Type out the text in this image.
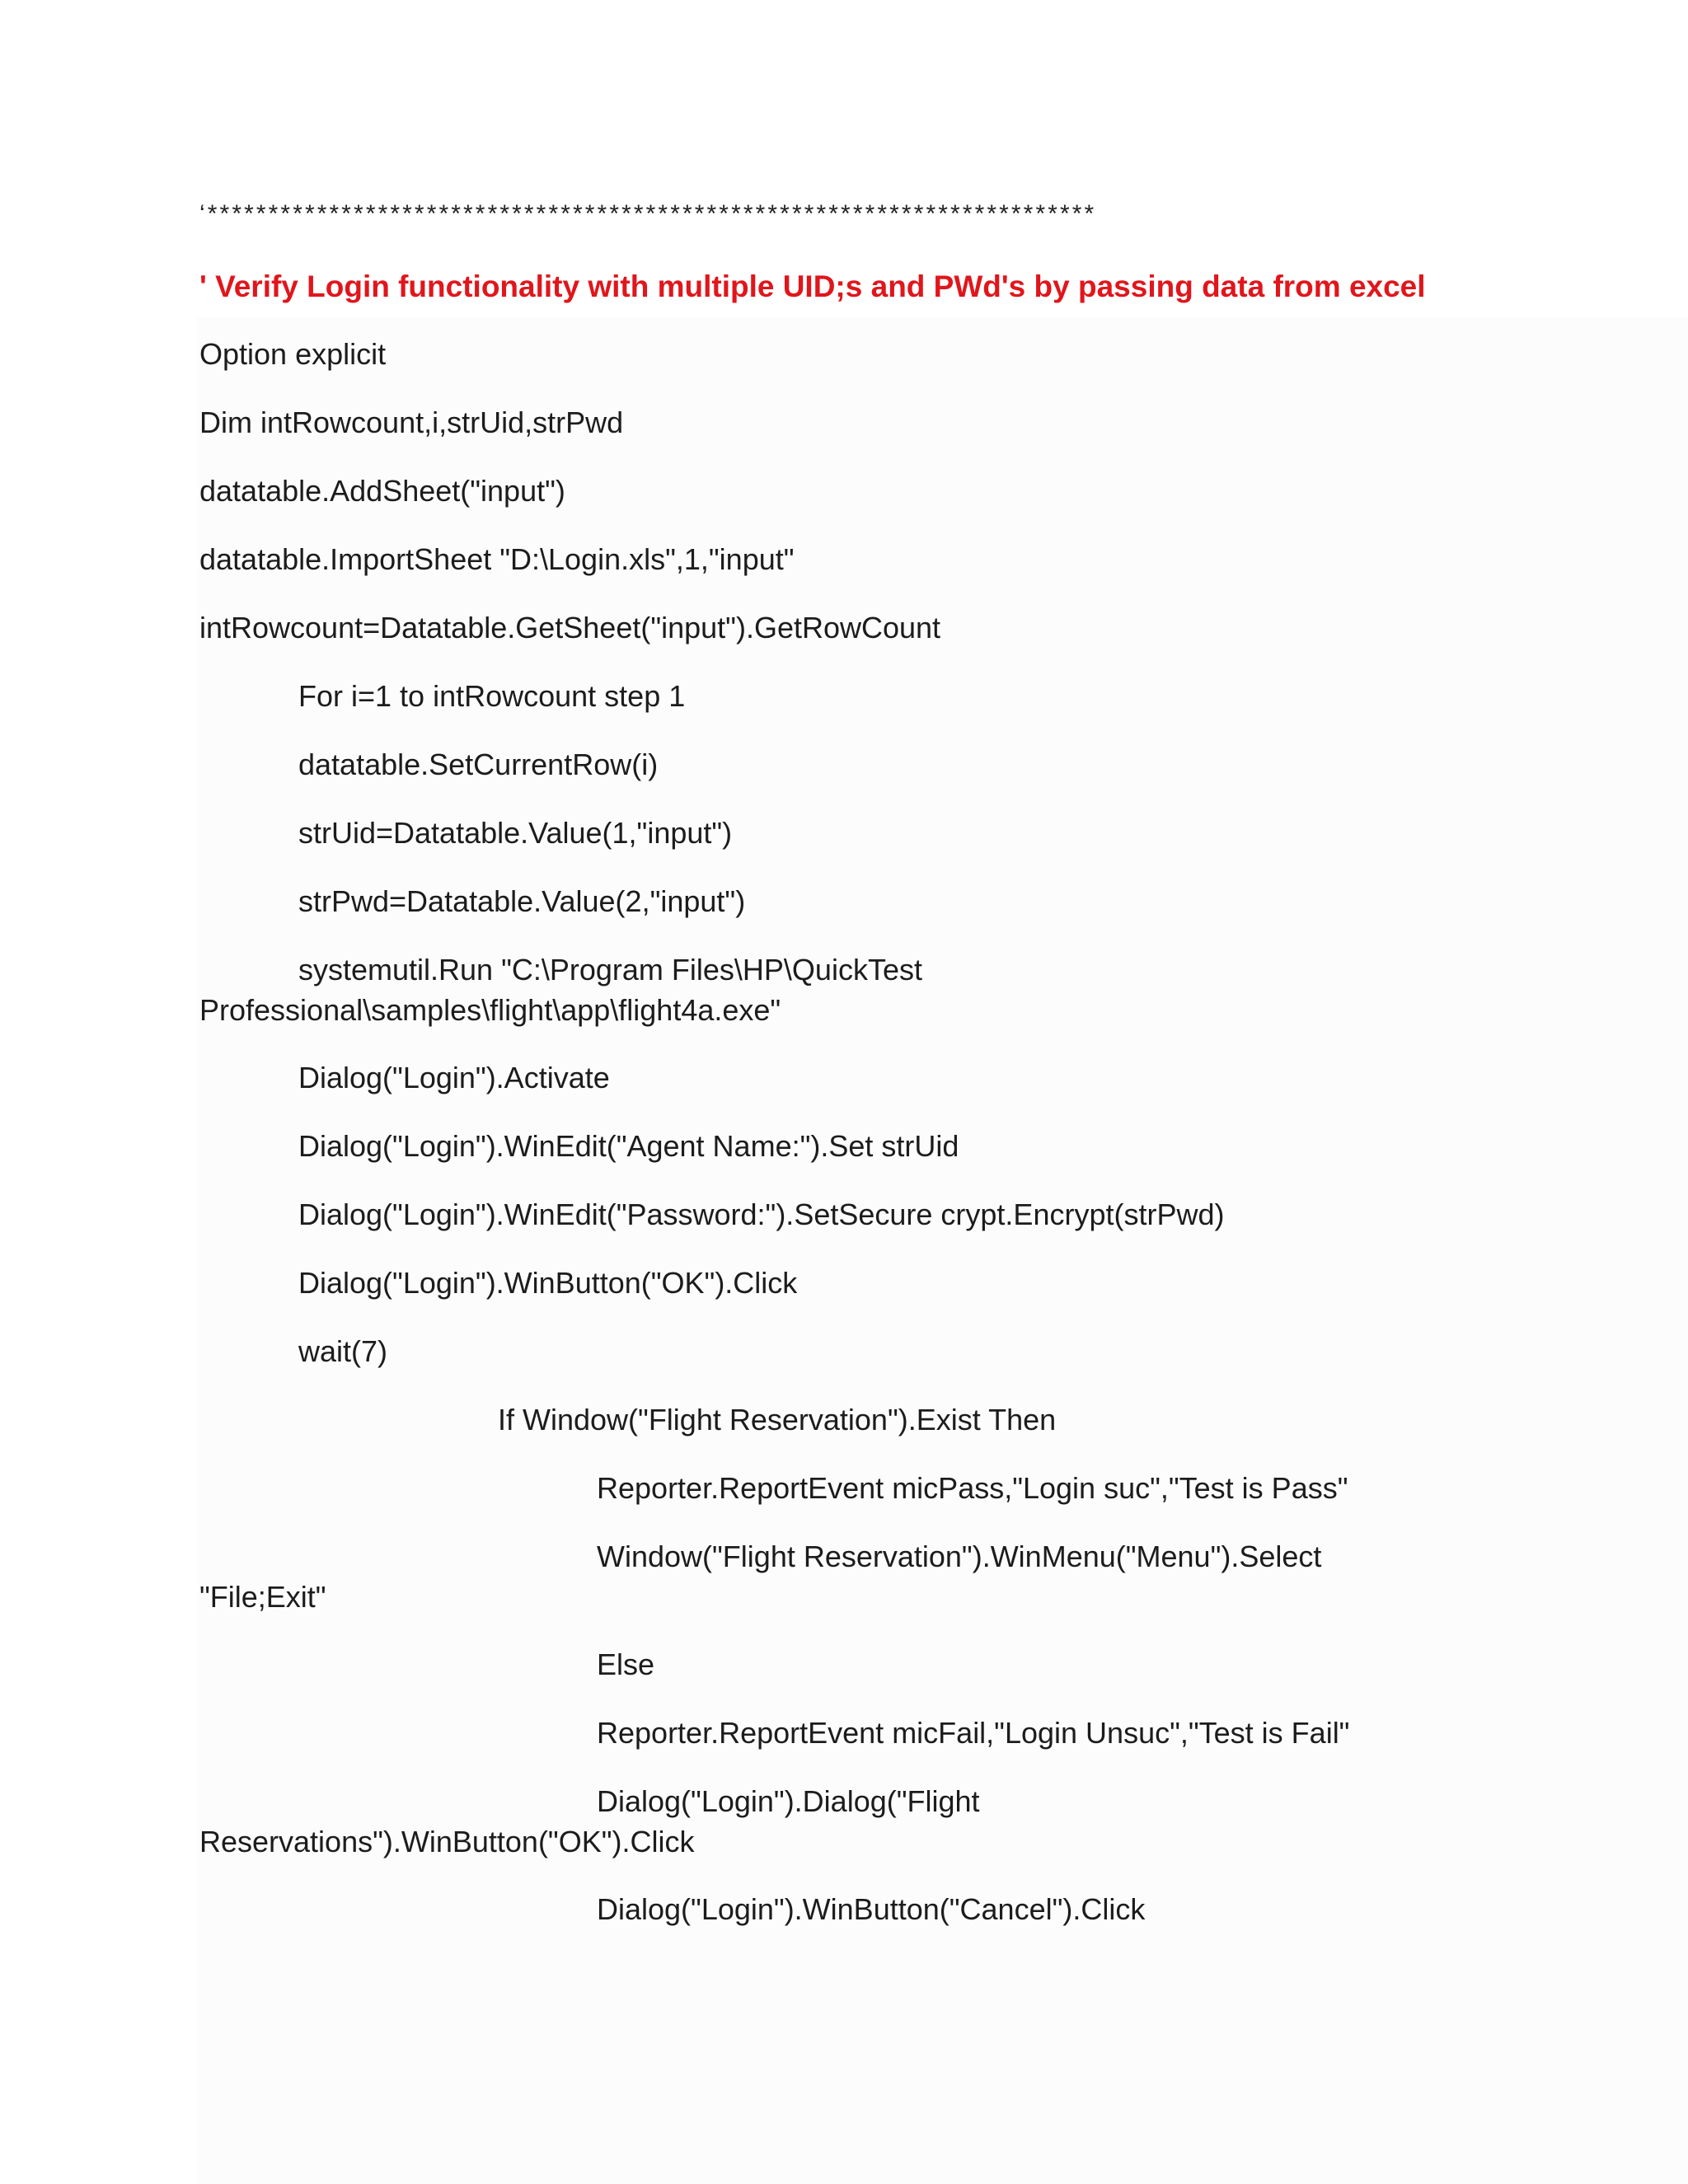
‘*************************************************************************
' Verify Login functionality with multiple UID;s and PWd's by passing data from excel
Option explicit
Dim intRowcount,i,strUid,strPwd
datatable.AddSheet("input")
datatable.ImportSheet "D:\Login.xls",1,"input"
intRowcount=Datatable.GetSheet("input").GetRowCount
For i=1 to intRowcount step 1
datatable.SetCurrentRow(i)
strUid=Datatable.Value(1,"input")
strPwd=Datatable.Value(2,"input")
systemutil.Run "C:\Program Files\HP\QuickTest
Professional\samples\flight\app\flight4a.exe"
Dialog("Login").Activate
Dialog("Login").WinEdit("Agent Name:").Set strUid
Dialog("Login").WinEdit("Password:").SetSecure crypt.Encrypt(strPwd)
Dialog("Login").WinButton("OK").Click
wait(7)
If Window("Flight Reservation").Exist Then
Reporter.ReportEvent micPass,"Login suc","Test is Pass"
Window("Flight Reservation").WinMenu("Menu").Select
"File;Exit"
Else
Reporter.ReportEvent micFail,"Login Unsuc","Test is Fail"
Dialog("Login").Dialog("Flight
Reservations").WinButton("OK").Click
Dialog("Login").WinButton("Cancel").Click
